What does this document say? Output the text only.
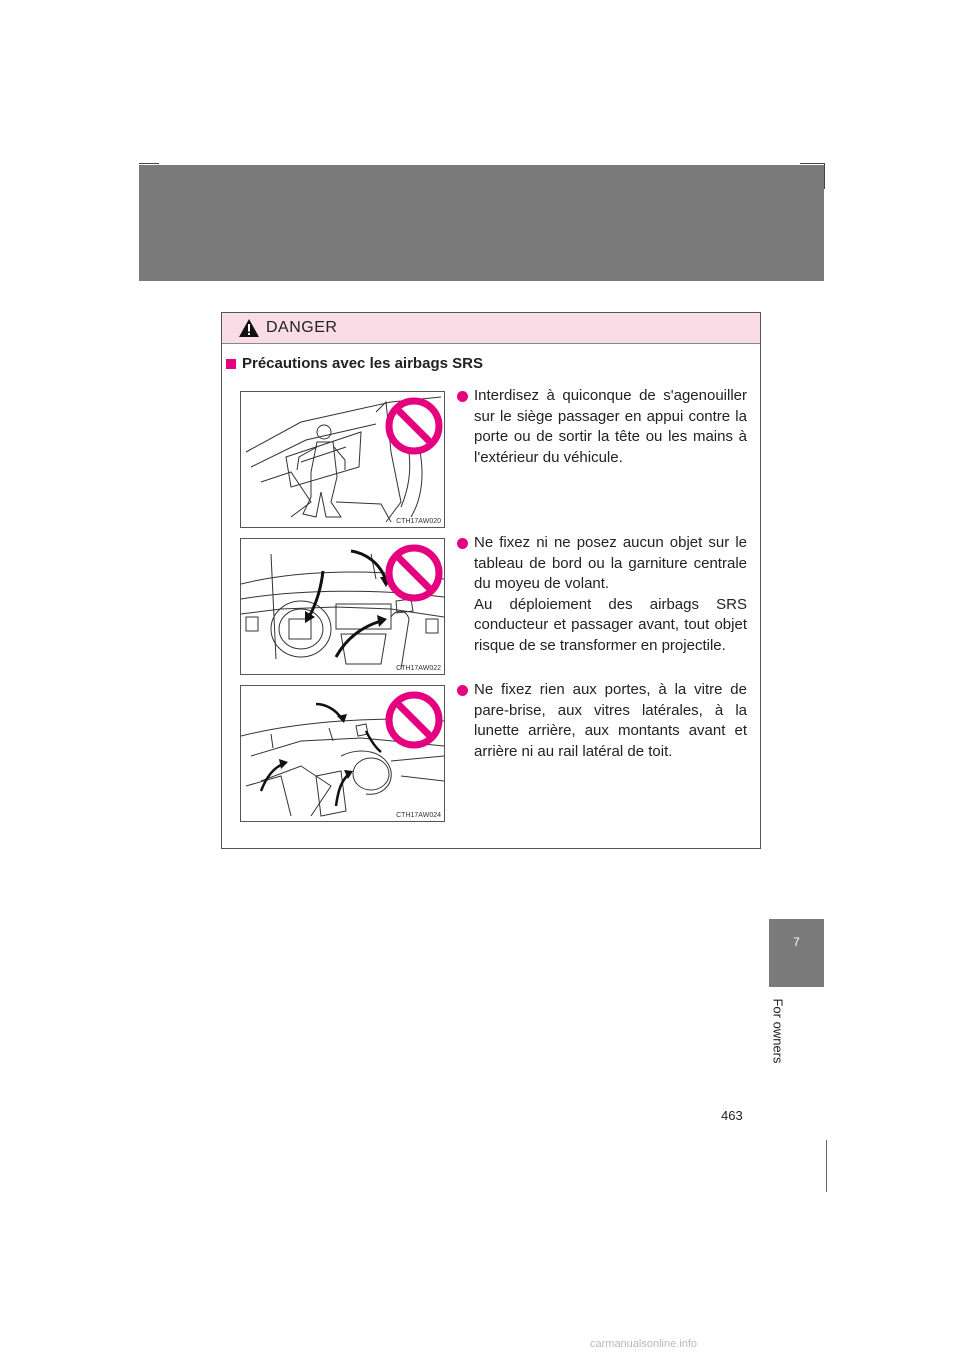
DANGER
Précautions avec les airbags SRS
CTH17AW020
CTH17AW022
CTH17AW024
Interdisez à quiconque de s'agenouiller sur le siège passager en appui contre la porte ou de sortir la tête ou les mains à l'extérieur du véhicule.
Ne fixez ni ne posez aucun objet sur le tableau de bord ou la garniture centrale du moyeu de volant.
Au déploiement des airbags SRS conducteur et passager avant, tout objet risque de se transformer en projectile.
Ne fixez rien aux portes, à la vitre de pare-brise, aux vitres latérales, à la lunette arrière, aux montants avant et arrière ni au rail latéral de toit.
7
For owners
463
carmanualsonline.info
